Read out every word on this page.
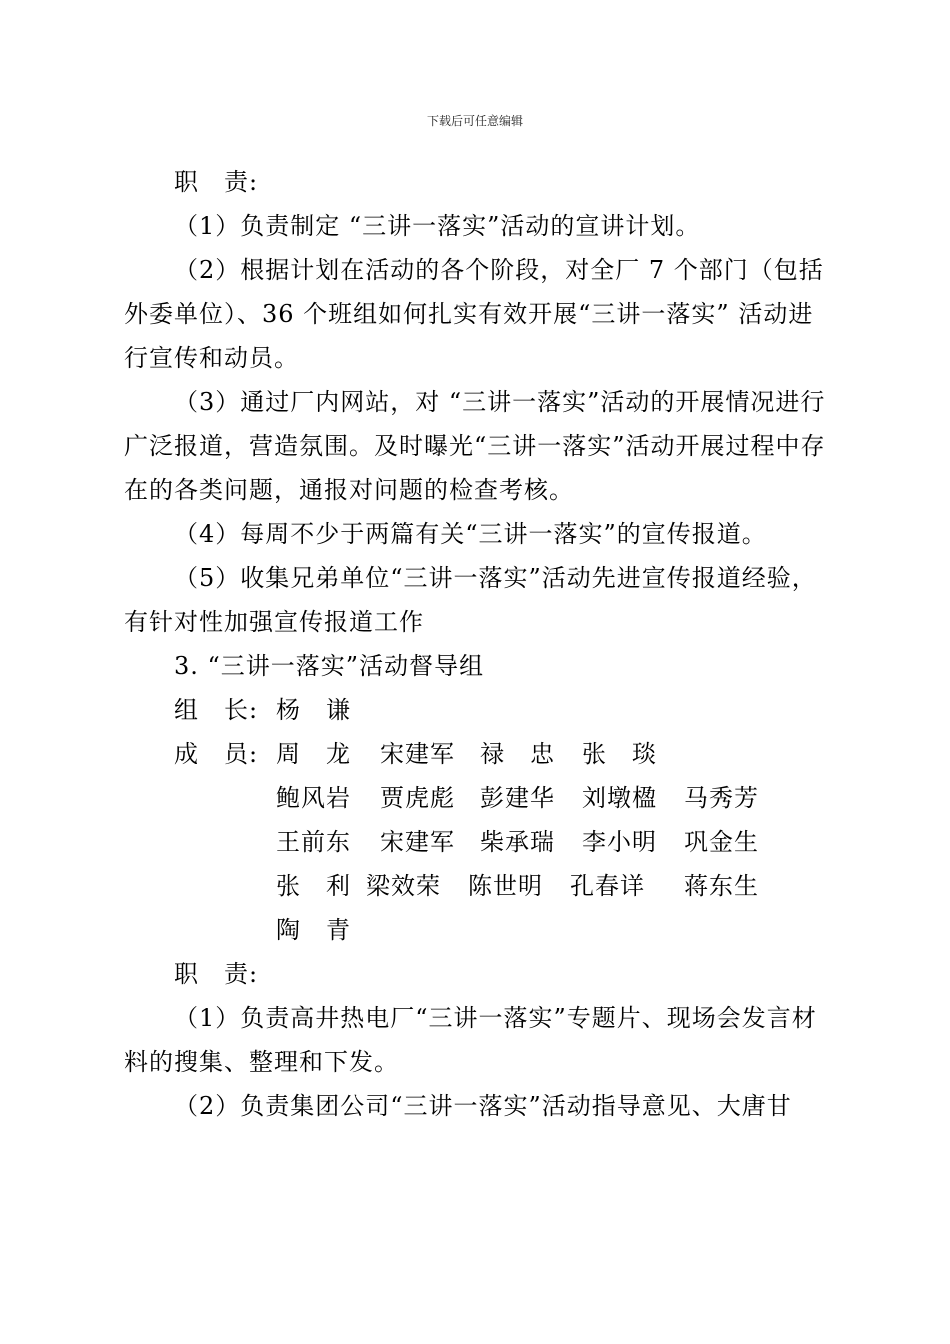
下载后可任意编辑

职　责:

（1）负责制定 “三讲一落实”活动的宣讲计划。

（2）根据计划在活动的各个阶段，对全厂 7 个部门（包括外委单位）、36 个班组如何扎实有效开展“三讲一落实” 活动进行宣传和动员。

（3）通过厂内网站，对 “三讲一落实”活动的开展情况进行广泛报道，营造氛围。及时曝光“三讲一落实”活动开展过程中存在的各类问题，通报对问题的检查考核。

（4）每周不少于两篇有关“三讲一落实”的宣传报道。

（5）收集兄弟单位“三讲一落实”活动先进宣传报道经验，有针对性加强宣传报道工作

3. “三讲一落实”活动督导组

组　长: 杨　谦
成　员: 周　龙 宋建军 禄　忠 张　琰
鲍风岩 贾虎彪 彭建华 刘墩楹 马秀芳
王前东 宋建军 柴承瑞 李小明 巩金生
张　利 梁效荣 陈世明 孔春详 蒋东生
陶　青

职　责:

（1）负责高井热电厂“三讲一落实”专题片、现场会发言材料的搜集、整理和下发。

（2）负责集团公司“三讲一落实”活动指导意见、大唐甘
